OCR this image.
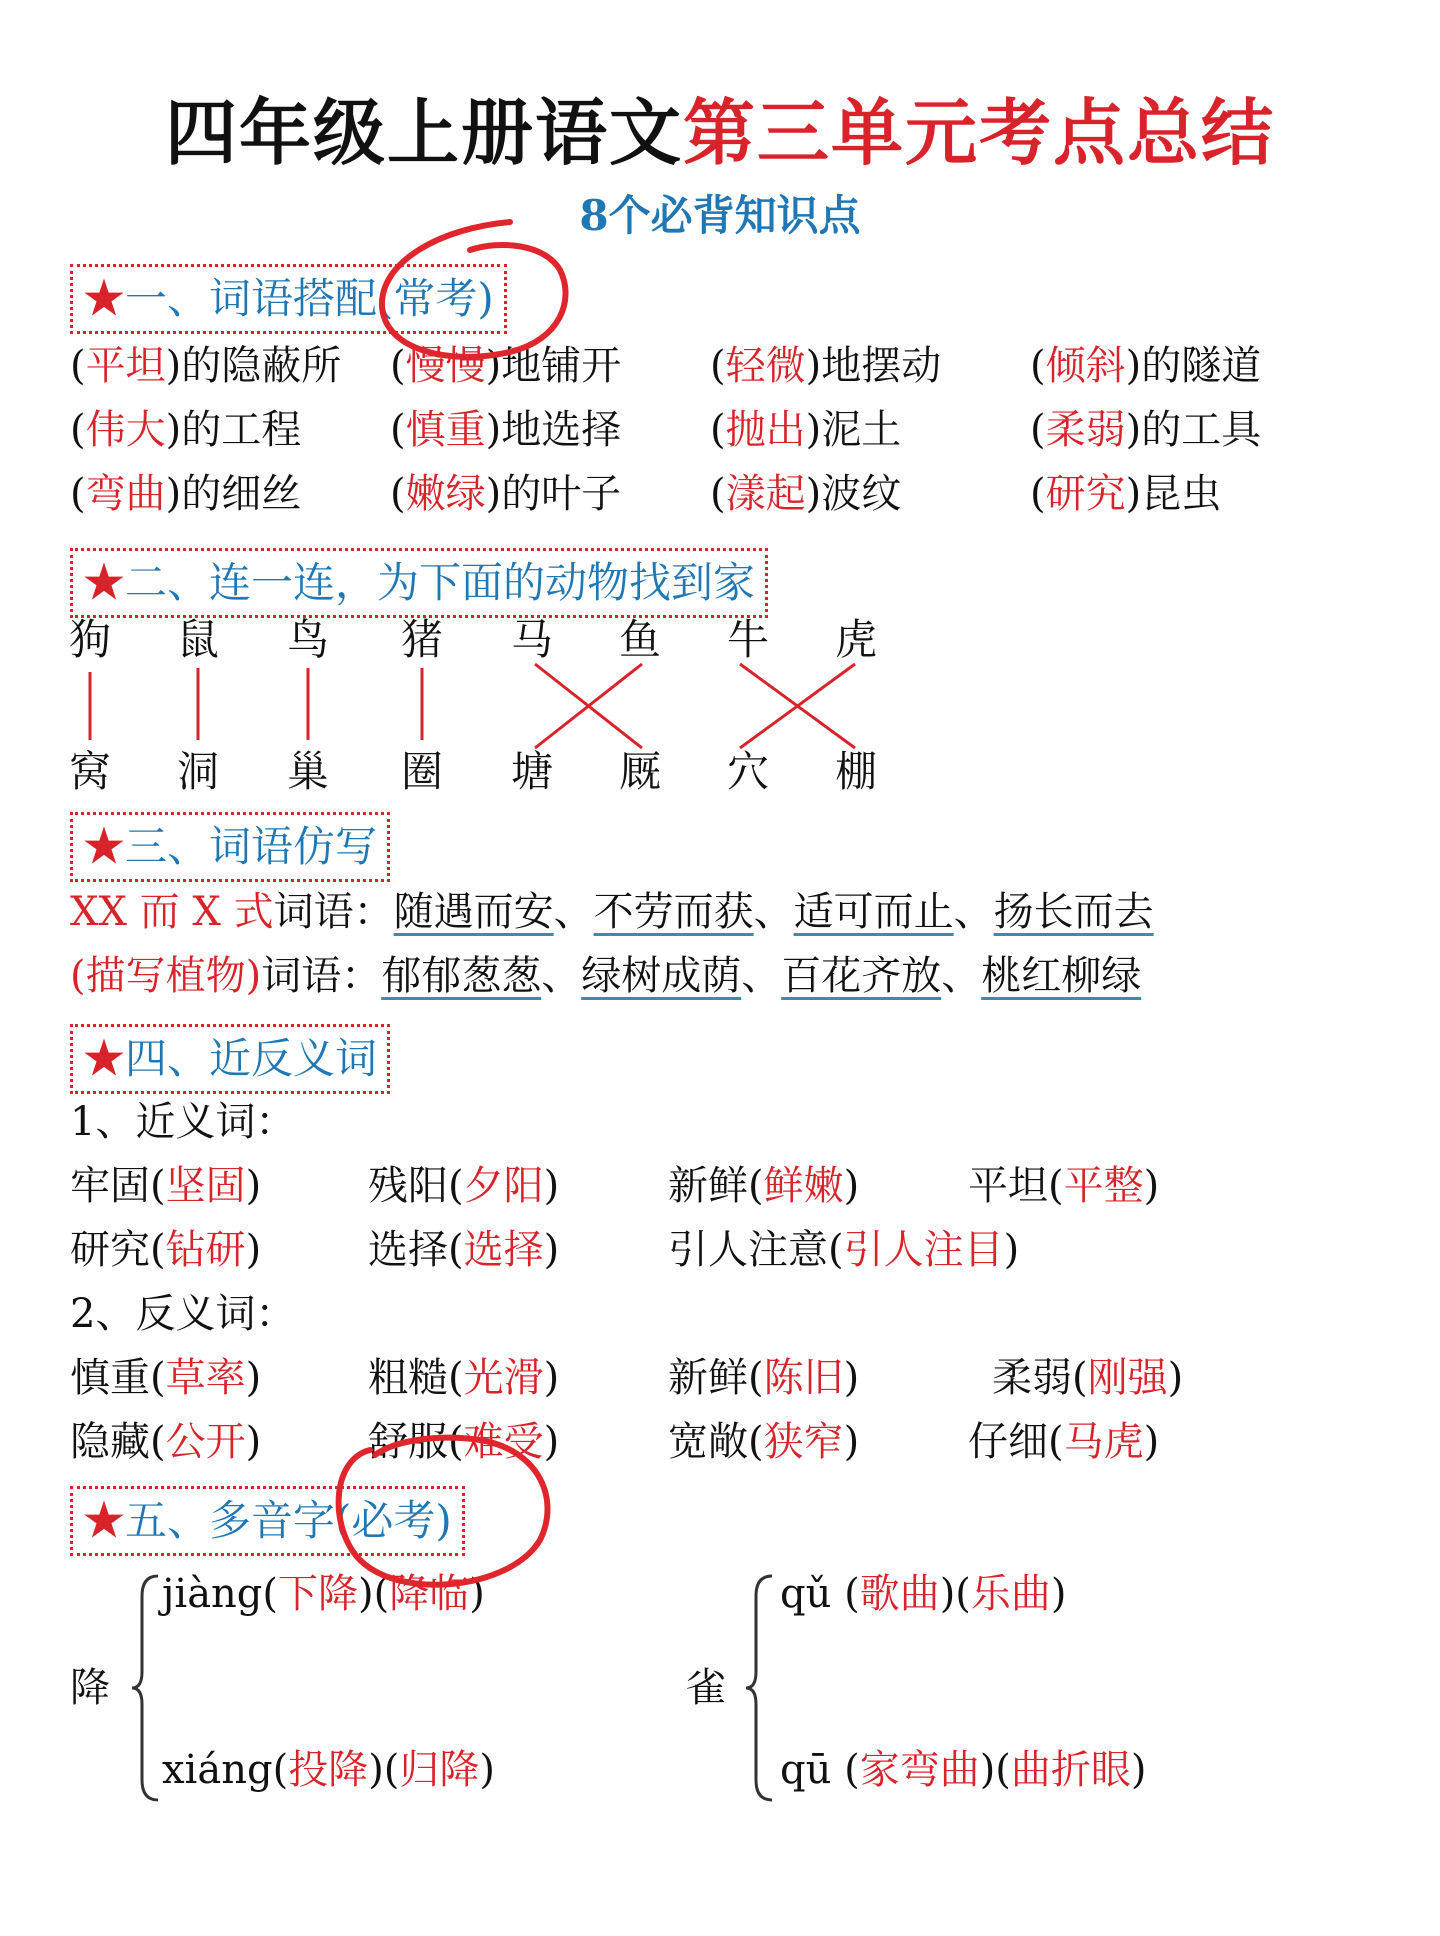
四年级上册语文第三单元考点总结
8个必背知识点
★一、词语搭配(常考)
(平坦)的隐蔽所 (慢慢)地铺开 (轻微)地摆动 (倾斜)的隧道
(伟大)的工程 (慎重)地选择 (抛出)泥土	(柔弱)的工具
(弯曲)的细丝 (嫩绿)的叶子 (漾起)波纹	(研究)昆虫
★二、连一连，为下面的动物找到家
狗 鼠 鸟 猪 马 鱼 牛 虎
窝 洞 巢 圈 塘 厩 穴 棚
★三、词语仿写
XX 而 X 式词语：随遇而安、不劳而获、适可而止、扬长而去
(描写植物)词语：郁郁葱葱、绿树成荫、百花齐放、桃红柳绿
★四、近反义词
1、近义词：
牢固(坚固)	残阳(夕阳)	新鲜(鲜嫩)	平坦(平整)
研究(钻研)	选择(选择)	引人注意(引人注目)
2、反义词：
慎重(草率)	粗糙(光滑)	新鲜(陈旧)	柔弱(刚强)
隐藏(公开)	舒服(难受)	宽敞(狭窄)	仔细(马虎)
★五、多音字(必考)
降
jiàng(下降)(降临)
xiáng(投降)(归降)
雀
qǔ (歌曲)(乐曲)
qū (家弯曲)(曲折眼)
